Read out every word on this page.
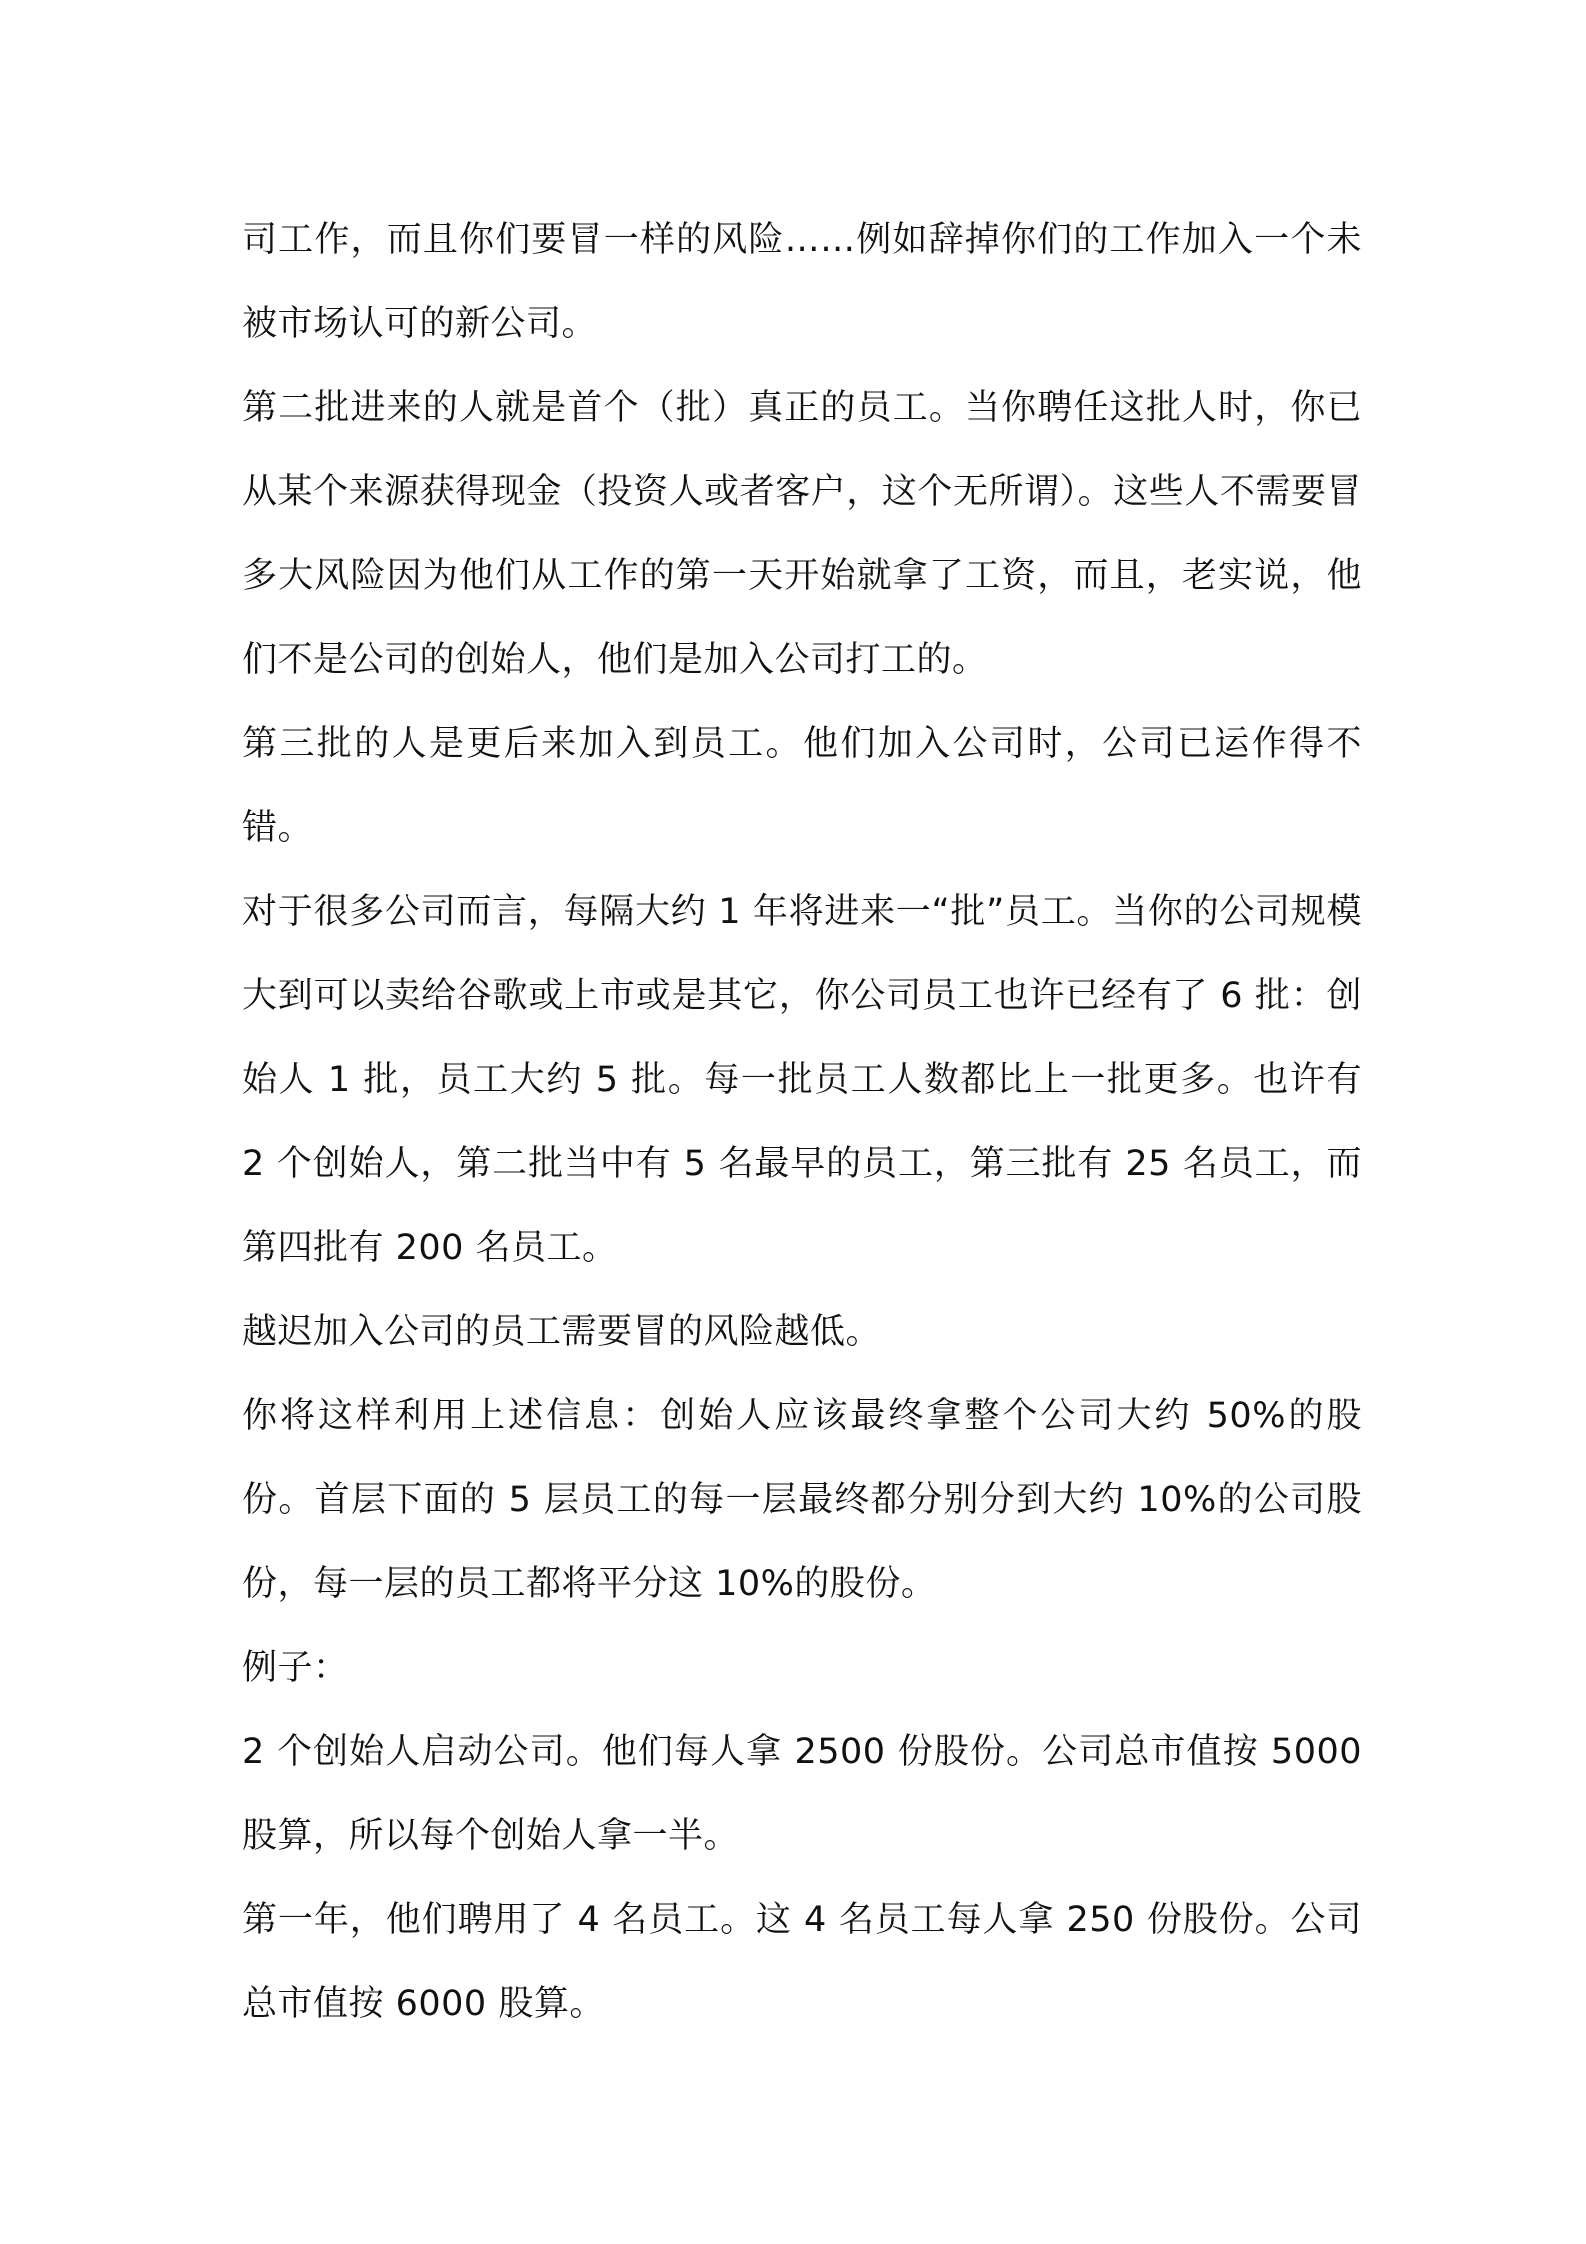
司工作，而且你们要冒一样的风险……例如辞掉你们的工作加入一个未被市场认可的新公司。

第二批进来的人就是首个（批）真正的员工。当你聘任这批人时，你已从某个来源获得现金（投资人或者客户，这个无所谓）。这些人不需要冒多大风险因为他们从工作的第一天开始就拿了工资，而且，老实说，他们不是公司的创始人，他们是加入公司打工的。

第三批的人是更后来加入到员工。他们加入公司时，公司已运作得不错。

对于很多公司而言，每隔大约 1 年将进来一“批”员工。当你的公司规模大到可以卖给谷歌或上市或是其它，你公司员工也许已经有了 6 批：创始人 1 批，员工大约 5 批。每一批员工人数都比上一批更多。也许有 2 个创始人，第二批当中有 5 名最早的员工，第三批有 25 名员工，而第四批有 200 名员工。

越迟加入公司的员工需要冒的风险越低。

你将这样利用上述信息：创始人应该最终拿整个公司大约 50%的股份。首层下面的 5 层员工的每一层最终都分别分到大约 10%的公司股份，每一层的员工都将平分这 10%的股份。

例子：

2 个创始人启动公司。他们每人拿 2500 份股份。公司总市值按 5000 股算，所以每个创始人拿一半。

第一年，他们聘用了 4 名员工。这 4 名员工每人拿 250 份股份。公司总市值按 6000 股算。
